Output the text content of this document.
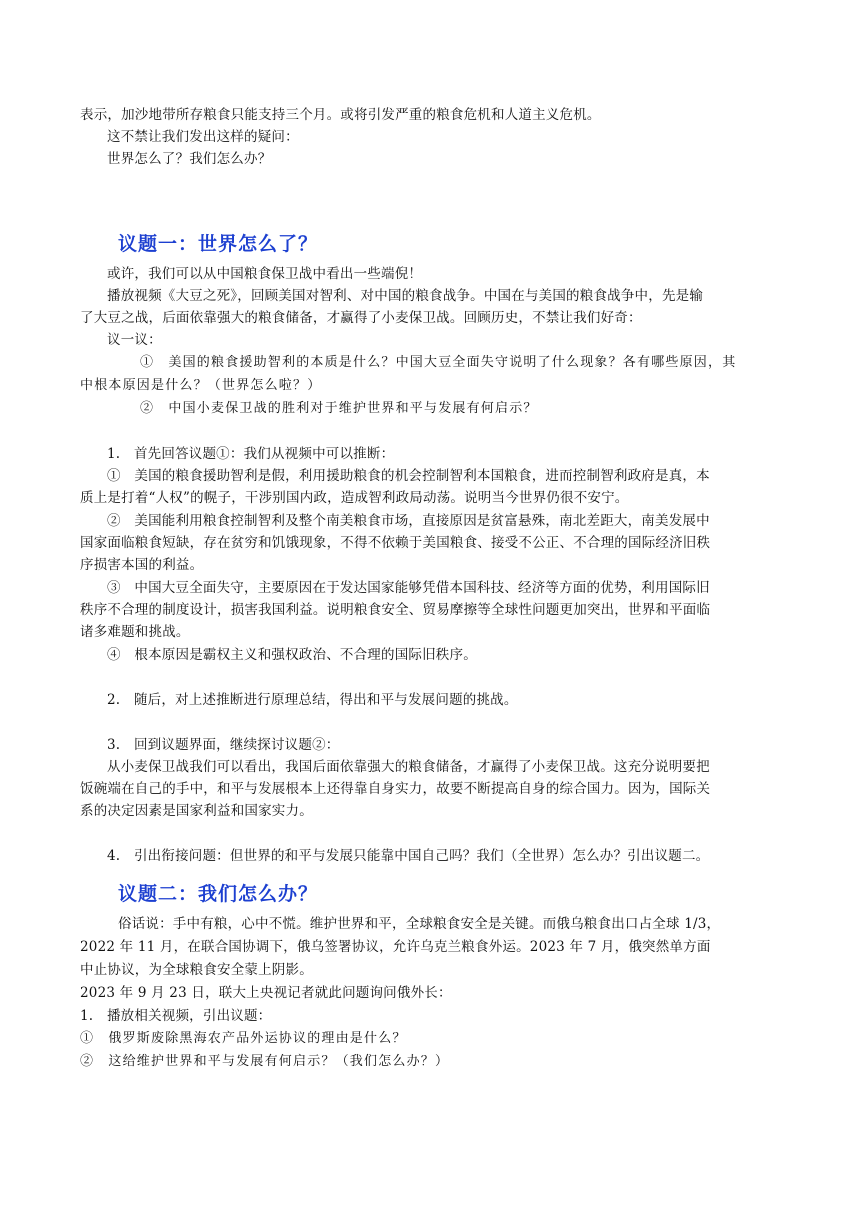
表示，加沙地带所存粮食只能支持三个月。或将引发严重的粮食危机和人道主义危机。
这不禁让我们发出这样的疑问：
世界怎么了？我们怎么办？
议题一：世界怎么了？
或许，我们可以从中国粮食保卫战中看出一些端倪！
播放视频《大豆之死》，回顾美国对智利、对中国的粮食战争。中国在与美国的粮食战争中，先是输
了大豆之战，后面依靠强大的粮食储备，才赢得了小麦保卫战。回顾历史，不禁让我们好奇：
议一议：
①　美国的粮食援助智利的本质是什么？中国大豆全面失守说明了什么现象？各有哪些原因，其
中根本原因是什么？（世界怎么啦？）
②　中国小麦保卫战的胜利对于维护世界和平与发展有何启示？
1.　首先回答议题①：我们从视频中可以推断：
①　美国的粮食援助智利是假，利用援助粮食的机会控制智利本国粮食，进而控制智利政府是真，本
质上是打着“人权”的幌子，干涉别国内政，造成智利政局动荡。说明当今世界仍很不安宁。
②　美国能利用粮食控制智利及整个南美粮食市场，直接原因是贫富悬殊，南北差距大，南美发展中
国家面临粮食短缺，存在贫穷和饥饿现象，不得不依赖于美国粮食、接受不公正、不合理的国际经济旧秩
序损害本国的利益。
③　中国大豆全面失守，主要原因在于发达国家能够凭借本国科技、经济等方面的优势，利用国际旧
秩序不合理的制度设计，损害我国利益。说明粮食安全、贸易摩擦等全球性问题更加突出，世界和平面临
诸多难题和挑战。
④　根本原因是霸权主义和强权政治、不合理的国际旧秩序。
2.　随后，对上述推断进行原理总结，得出和平与发展问题的挑战。
3.　回到议题界面，继续探讨议题②：
从小麦保卫战我们可以看出，我国后面依靠强大的粮食储备，才赢得了小麦保卫战。这充分说明要把
饭碗端在自己的手中，和平与发展根本上还得靠自身实力，故要不断提高自身的综合国力。因为，国际关
系的决定因素是国家利益和国家实力。
4.　引出衔接问题：但世界的和平与发展只能靠中国自己吗？我们（全世界）怎么办？引出议题二。
议题二：我们怎么办？
俗话说：手中有粮，心中不慌。维护世界和平，全球粮食安全是关键。而俄乌粮食出口占全球 1/3，
2022 年 11 月，在联合国协调下，俄乌签署协议，允许乌克兰粮食外运。2023 年 7 月，俄突然单方面
中止协议，为全球粮食安全蒙上阴影。
2023 年 9 月 23 日，联大上央视记者就此问题询问俄外长：
1.　播放相关视频，引出议题：
①　俄罗斯废除黑海农产品外运协议的理由是什么？
②　这给维护世界和平与发展有何启示？（我们怎么办？）
